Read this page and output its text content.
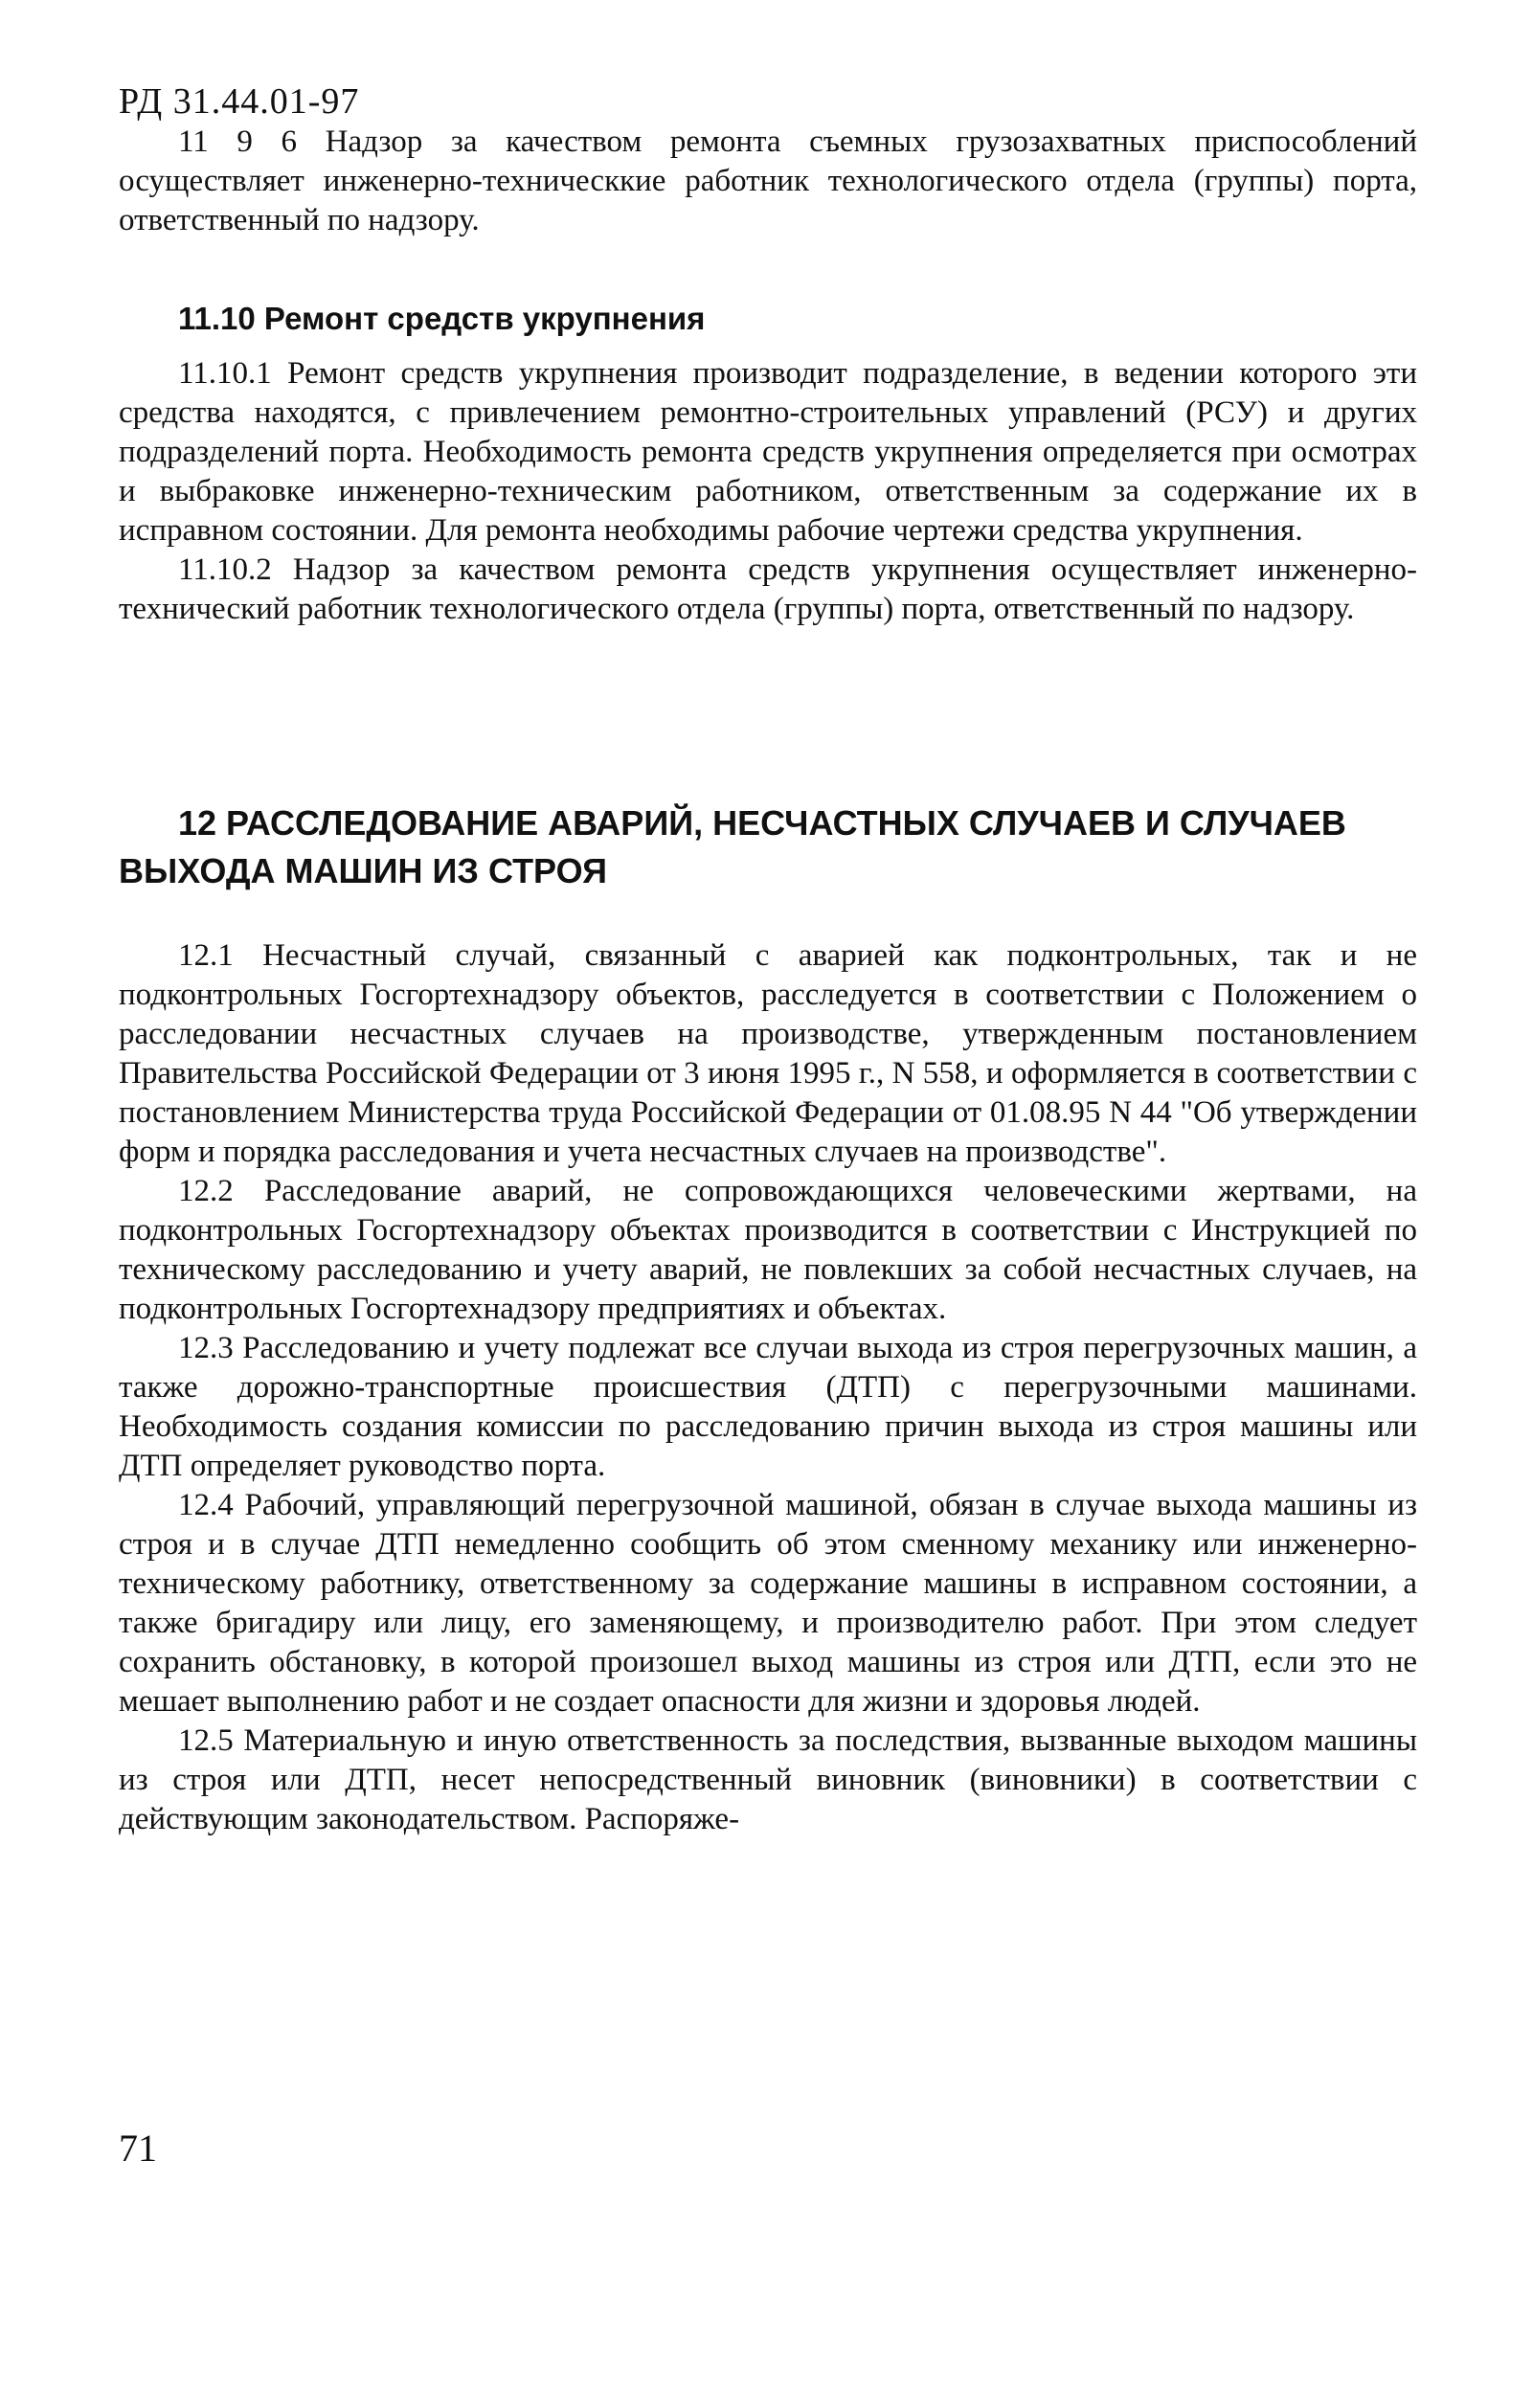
РД 31.44.01-97

11 9 6 Надзор за качеством ремонта съемных грузозахватных приспособлений осуществляет инженерно-техническкие работник технологического отдела (группы) порта, ответственный по надзору.

11.10 Ремонт средств укрупнения

11.10.1 Ремонт средств укрупнения производит подразделение, в ведении которого эти средства находятся, с привлечением ремонтно-строительных управлений (РСУ) и других подразделений порта. Необходимость ремонта средств укрупнения определяется при осмотрах и выбраковке инженерно-техническим работником, ответственным за содержание их в исправном состоянии. Для ремонта необходимы рабочие чертежи средства укрупнения.

11.10.2 Надзор за качеством ремонта средств укрупнения осуществляет инженерно-технический работник технологического отдела (группы) порта, ответственный по надзору.

12 РАССЛЕДОВАНИЕ АВАРИЙ, НЕСЧАСТНЫХ СЛУЧАЕВ И СЛУЧАЕВ ВЫХОДА МАШИН ИЗ СТРОЯ

12.1 Несчастный случай, связанный с аварией как подконтрольных, так и не подконтрольных Госгортехнадзору объектов, расследуется в соответствии с Положением о расследовании несчастных случаев на производстве, утвержденным постановлением Правительства Российской Федерации от 3 июня 1995 г., N 558, и оформляется в соответствии с постановлением Министерства труда Российской Федерации от 01.08.95 N 44 "Об утверждении форм и порядка расследования и учета несчастных случаев на производстве".

12.2 Расследование аварий, не сопровождающихся человеческими жертвами, на подконтрольных Госгортехнадзору объектах производится в соответствии с Инструкцией по техническому расследованию и учету аварий, не повлекших за собой несчастных случаев, на подконтрольных Госгортехнадзору предприятиях и объектах.

12.3 Расследованию и учету подлежат все случаи выхода из строя перегрузочных машин, а также дорожно-транспортные происшествия (ДТП) с перегрузочными машинами. Необходимость создания комиссии по расследованию причин выхода из строя машины или ДТП определяет руководство порта.

12.4 Рабочий, управляющий перегрузочной машиной, обязан в случае выхода машины из строя и в случае ДТП немедленно сообщить об этом сменному механику или инженерно-техническому работнику, ответственному за содержание машины в исправном состоянии, а также бригадиру или лицу, его заменяющему, и производителю работ. При этом следует сохранить обстановку, в которой произошел выход машины из строя или ДТП, если это не мешает выполнению работ и не создает опасности для жизни и здоровья людей.

12.5 Материальную и иную ответственность за последствия, вызванные выходом машины из строя или ДТП, несет непосредственный виновник (виновники) в соответствии с действующим законодательством. Распоряже-

71
